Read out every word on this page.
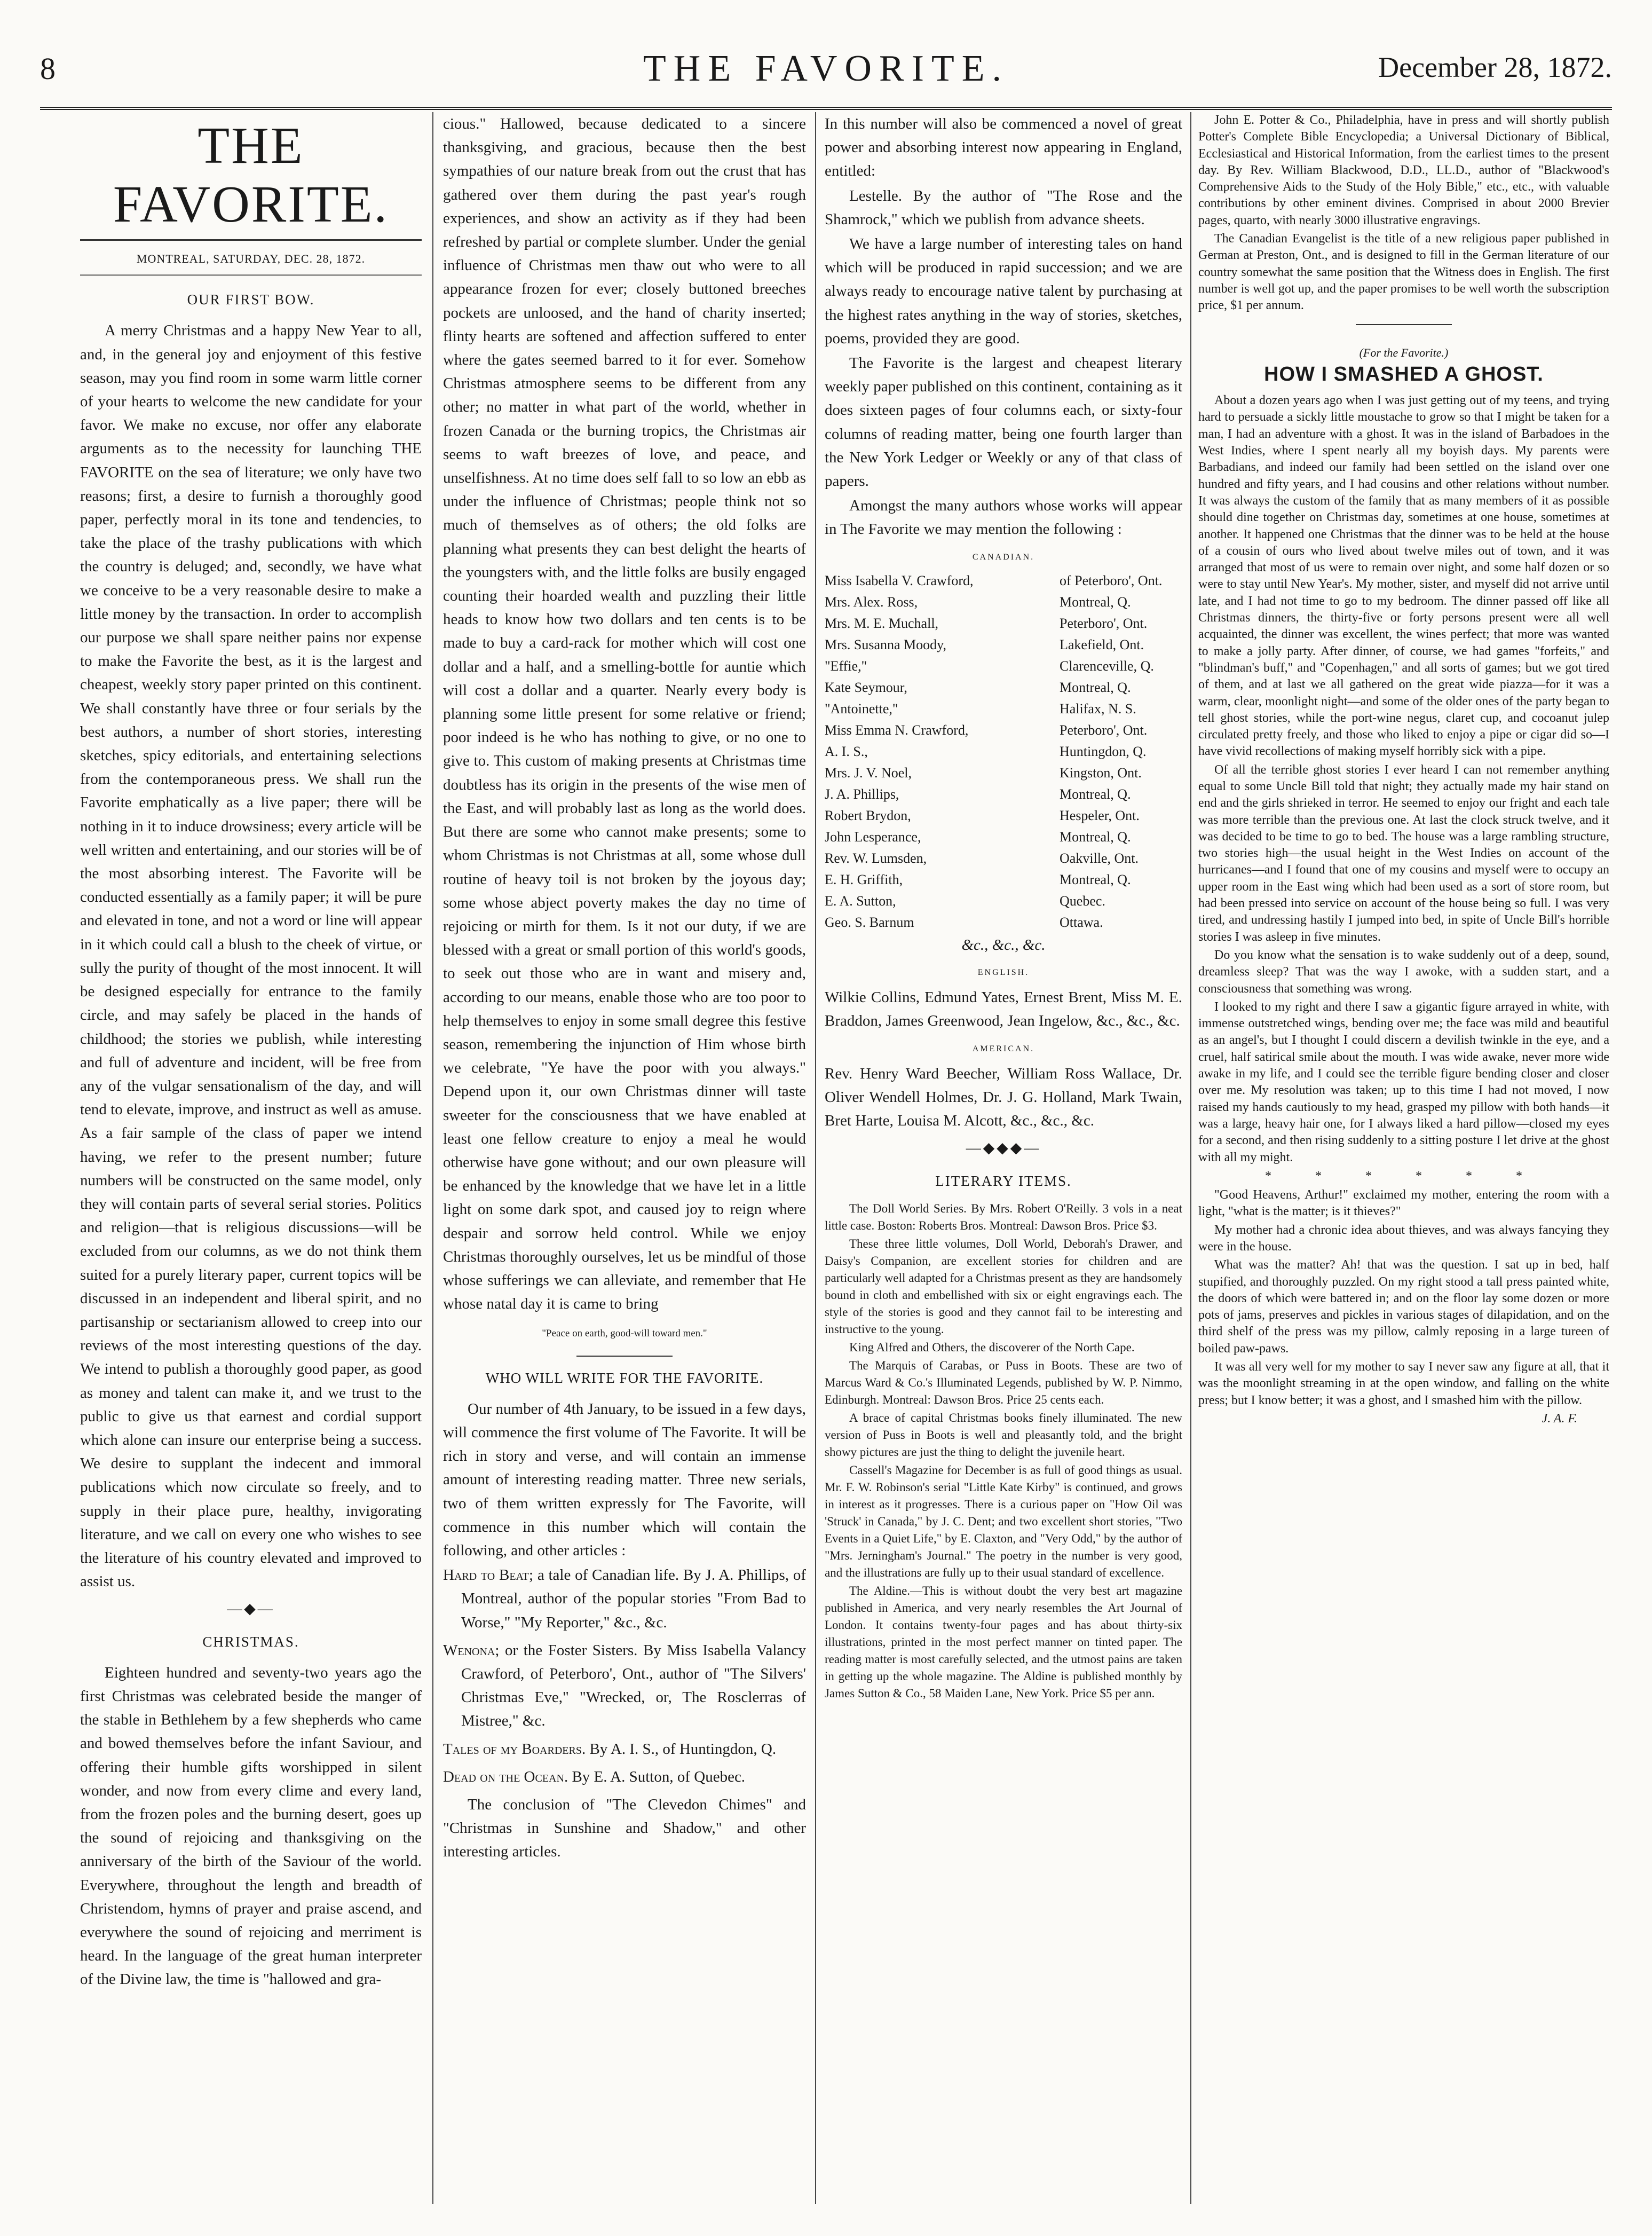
8	THE FAVORITE.	December 28, 1872.
THE FAVORITE.
MONTREAL, SATURDAY, DEC. 28, 1872.
OUR FIRST BOW.

A merry Christmas and a happy New Year to all, and, in the general joy and enjoyment of this festive season, may you find room in some warm little corner of your hearts to welcome the new candidate for your favor. We make no excuse, nor offer any elaborate arguments as to the necessity for launching THE FAVORITE on the sea of literature; we only have two reasons; first, a desire to furnish a thoroughly good paper, perfectly moral in its tone and tendencies, to take the place of the trashy publications with which the country is deluged; and, secondly, we have what we conceive to be a very reasonable desire to make a little money by the transaction. In order to accomplish our purpose we shall spare neither pains nor expense to make the Favorite the best, as it is the largest and cheapest, weekly story paper printed on this continent. We shall constantly have three or four serials by the best authors, a number of short stories, interesting sketches, spicy editorials, and entertaining selections from the contemporaneous press. We shall run the Favorite emphatically as a live paper; there will be nothing in it to induce drowsiness; every article will be well written and entertaining, and our stories will be of the most absorbing interest. The Favorite will be conducted essentially as a family paper; it will be pure and elevated in tone, and not a word or line will appear in it which could call a blush to the cheek of virtue, or sully the purity of thought of the most innocent. It will be designed especially for entrance to the family circle, and may safely be placed in the hands of childhood; the stories we publish, while interesting and full of adventure and incident, will be free from any of the vulgar sensationalism of the day, and will tend to elevate, improve, and instruct as well as amuse. As a fair sample of the class of paper we intend having, we refer to the present number; future numbers will be constructed on the same model, only they will contain parts of several serial stories. Politics and religion—that is religious discussions—will be excluded from our columns, as we do not think them suited for a purely literary paper, current topics will be discussed in an independent and liberal spirit, and no partisanship or sectarianism allowed to creep into our reviews of the most interesting questions of the day. We intend to publish a thoroughly good paper, as good as money and talent can make it, and we trust to the public to give us that earnest and cordial support which alone can insure our enterprise being a success. We desire to supplant the indecent and immoral publications which now circulate so freely, and to supply in their place pure, healthy, invigorating literature, and we call on every one who wishes to see the literature of his country elevated and improved to assist us.

—◆—
CHRISTMAS.

Eighteen hundred and seventy-two years ago the first Christmas was celebrated beside the manger of the stable in Bethlehem by a few shepherds who came and bowed themselves before the infant Saviour, and offering their humble gifts worshipped in silent wonder, and now from every clime and every land, from the frozen poles and the burning desert, goes up the sound of rejoicing and thanksgiving on the anniversary of the birth of the Saviour of the world. Everywhere, throughout the length and breadth of Christendom, hymns of prayer and praise ascend, and everywhere the sound of rejoicing and merriment is heard. In the language of the great human interpreter of the Divine law, the time is "hallowed and gra-

cious." Hallowed, because dedicated to a sincere thanksgiving, and gracious, because then the best sympathies of our nature break from out the crust that has gathered over them during the past year's rough experiences, and show an activity as if they had been refreshed by partial or complete slumber. Under the genial influence of Christmas men thaw out who were to all appearance frozen for ever; closely buttoned breeches pockets are unloosed, and the hand of charity inserted; flinty hearts are softened and affection suffered to enter where the gates seemed barred to it for ever. Somehow Christmas atmosphere seems to be different from any other; no matter in what part of the world, whether in frozen Canada or the burning tropics, the Christmas air seems to waft breezes of love, and peace, and unselfishness. At no time does self fall to so low an ebb as under the influence of Christmas; people think not so much of themselves as of others; the old folks are planning what presents they can best delight the hearts of the youngsters with, and the little folks are busily engaged counting their hoarded wealth and puzzling their little heads to know how two dollars and ten cents is to be made to buy a card-rack for mother which will cost one dollar and a half, and a smelling-bottle for auntie which will cost a dollar and a quarter. Nearly every body is planning some little present for some relative or friend; poor indeed is he who has nothing to give, or no one to give to. This custom of making presents at Christmas time doubtless has its origin in the presents of the wise men of the East, and will probably last as long as the world does. But there are some who cannot make presents; some to whom Christmas is not Christmas at all, some whose dull routine of heavy toil is not broken by the joyous day; some whose abject poverty makes the day no time of rejoicing or mirth for them. Is it not our duty, if we are blessed with a great or small portion of this world's goods, to seek out those who are in want and misery and, according to our means, enable those who are too poor to help themselves to enjoy in some small degree this festive season, remembering the injunction of Him whose birth we celebrate, "Ye have the poor with you always." Depend upon it, our own Christmas dinner will taste sweeter for the consciousness that we have enabled at least one fellow creature to enjoy a meal he would otherwise have gone without; and our own pleasure will be enhanced by the knowledge that we have let in a little light on some dark spot, and caused joy to reign where despair and sorrow held control. While we enjoy Christmas thoroughly ourselves, let us be mindful of those whose sufferings we can alleviate, and remember that He whose natal day it is came to bring

"Peace on earth, good-will toward men."
WHO WILL WRITE FOR THE FAVORITE.

Our number of 4th January, to be issued in a few days, will commence the first volume of The Favorite. It will be rich in story and verse, and will contain an immense amount of interesting reading matter. Three new serials, two of them written expressly for The Favorite, will commence in this number which will contain the following, and other articles :

Hard to Beat; a tale of Canadian life. By J. A. Phillips, of Montreal, author of the popular stories "From Bad to Worse," "My Reporter," &c., &c.
Wenona; or the Foster Sisters. By Miss Isabella Valancy Crawford, of Peterboro', Ont., author of "The Silvers' Christmas Eve," "Wrecked, or, The Rosclerras of Mistree," &c.
Tales of my Boarders. By A. I. S., of Huntingdon, Q.
Dead on the Ocean. By E. A. Sutton, of Quebec.

The conclusion of "The Clevedon Chimes" and "Christmas in Sunshine and Shadow," and other interesting articles.

In this number will also be commenced a novel of great power and absorbing interest now appearing in England, entitled:

Lestelle. By the author of "The Rose and the Shamrock," which we publish from advance sheets.

We have a large number of interesting tales on hand which will be produced in rapid succession; and we are always ready to encourage native talent by purchasing at the highest rates anything in the way of stories, sketches, poems, provided they are good.

The Favorite is the largest and cheapest literary weekly paper published on this continent, containing as it does sixteen pages of four columns each, or sixty-four columns of reading matter, being one fourth larger than the New York Ledger or Weekly or any of that class of papers.

Amongst the many authors whose works will appear in The Favorite we may mention the following :

CANADIAN.
Miss Isabella V. Crawford,	of Peterboro', Ont.
Mrs. Alex. Ross,	Montreal, Q.
Mrs. M. E. Muchall,	Peterboro', Ont.
Mrs. Susanna Moody,	Lakefield, Ont.
"Effie,"	Clarenceville, Q.
Kate Seymour,	Montreal, Q.
"Antoinette,"	Halifax, N. S.
Miss Emma N. Crawford,	Peterboro', Ont.
A. I. S.,	Huntingdon, Q.
Mrs. J. V. Noel,	Kingston, Ont.
J. A. Phillips,	Montreal, Q.
Robert Brydon,	Hespeler, Ont.
John Lesperance,	Montreal, Q.
Rev. W. Lumsden,	Oakville, Ont.
E. H. Griffith,	Montreal, Q.
E. A. Sutton,	Quebec.
Geo. S. Barnum	Ottawa.
&c., &c., &c.
ENGLISH.

Wilkie Collins, Edmund Yates, Ernest Brent, Miss M. E. Braddon, James Greenwood, Jean Ingelow, &c., &c., &c.

AMERICAN.

Rev. Henry Ward Beecher, William Ross Wallace, Dr. Oliver Wendell Holmes, Dr. J. G. Holland, Mark Twain, Bret Harte, Louisa M. Alcott, &c., &c., &c.

—◆◆◆—
LITERARY ITEMS.

The Doll World Series. By Mrs. Robert O'Reilly. 3 vols in a neat little case. Boston: Roberts Bros. Montreal: Dawson Bros. Price $3.

These three little volumes, Doll World, Deborah's Drawer, and Daisy's Companion, are excellent stories for children and are particularly well adapted for a Christmas present as they are handsomely bound in cloth and embellished with six or eight engravings each. The style of the stories is good and they cannot fail to be interesting and instructive to the young.

King Alfred and Others, the discoverer of the North Cape.

The Marquis of Carabas, or Puss in Boots. These are two of Marcus Ward & Co.'s Illuminated Legends, published by W. P. Nimmo, Edinburgh. Montreal: Dawson Bros. Price 25 cents each.

A brace of capital Christmas books finely illuminated. The new version of Puss in Boots is well and pleasantly told, and the bright showy pictures are just the thing to delight the juvenile heart.

Cassell's Magazine for December is as full of good things as usual. Mr. F. W. Robinson's serial "Little Kate Kirby" is continued, and grows in interest as it progresses. There is a curious paper on "How Oil was 'Struck' in Canada," by J. C. Dent; and two excellent short stories, "Two Events in a Quiet Life," by E. Claxton, and "Very Odd," by the author of "Mrs. Jerningham's Journal." The poetry in the number is very good, and the illustrations are fully up to their usual standard of excellence.

The Aldine.—This is without doubt the very best art magazine published in America, and very nearly resembles the Art Journal of London. It contains twenty-four pages and has about thirty-six illustrations, printed in the most perfect manner on tinted paper. The reading matter is most carefully selected, and the utmost pains are taken in getting up the whole magazine. The Aldine is published monthly by James Sutton & Co., 58 Maiden Lane, New York. Price $5 per ann.

John E. Potter & Co., Philadelphia, have in press and will shortly publish Potter's Complete Bible Encyclopedia; a Universal Dictionary of Biblical, Ecclesiastical and Historical Information, from the earliest times to the present day. By Rev. William Blackwood, D.D., LL.D., author of "Blackwood's Comprehensive Aids to the Study of the Holy Bible," etc., etc., with valuable contributions by other eminent divines. Comprised in about 2000 Brevier pages, quarto, with nearly 3000 illustrative engravings.

The Canadian Evangelist is the title of a new religious paper published in German at Preston, Ont., and is designed to fill in the German literature of our country somewhat the same position that the Witness does in English. The first number is well got up, and the paper promises to be well worth the subscription price, $1 per annum.

(For the Favorite.)
HOW I SMASHED A GHOST.

About a dozen years ago when I was just getting out of my teens, and trying hard to persuade a sickly little moustache to grow so that I might be taken for a man, I had an adventure with a ghost. It was in the island of Barbadoes in the West Indies, where I spent nearly all my boyish days. My parents were Barbadians, and indeed our family had been settled on the island over one hundred and fifty years, and I had cousins and other relations without number. It was always the custom of the family that as many members of it as possible should dine together on Christmas day, sometimes at one house, sometimes at another. It happened one Christmas that the dinner was to be held at the house of a cousin of ours who lived about twelve miles out of town, and it was arranged that most of us were to remain over night, and some half dozen or so were to stay until New Year's. My mother, sister, and myself did not arrive until late, and I had not time to go to my bedroom. The dinner passed off like all Christmas dinners, the thirty-five or forty persons present were all well acquainted, the dinner was excellent, the wines perfect; that more was wanted to make a jolly party. After dinner, of course, we had games "forfeits," and "blindman's buff," and "Copenhagen," and all sorts of games; but we got tired of them, and at last we all gathered on the great wide piazza—for it was a warm, clear, moonlight night—and some of the older ones of the party began to tell ghost stories, while the port-wine negus, claret cup, and cocoanut julep circulated pretty freely, and those who liked to enjoy a pipe or cigar did so—I have vivid recollections of making myself horribly sick with a pipe.

Of all the terrible ghost stories I ever heard I can not remember anything equal to some Uncle Bill told that night; they actually made my hair stand on end and the girls shrieked in terror. He seemed to enjoy our fright and each tale was more terrible than the previous one. At last the clock struck twelve, and it was decided to be time to go to bed. The house was a large rambling structure, two stories high—the usual height in the West Indies on account of the hurricanes—and I found that one of my cousins and myself were to occupy an upper room in the East wing which had been used as a sort of store room, but had been pressed into service on account of the house being so full. I was very tired, and undressing hastily I jumped into bed, in spite of Uncle Bill's horrible stories I was asleep in five minutes.

Do you know what the sensation is to wake suddenly out of a deep, sound, dreamless sleep? That was the way I awoke, with a sudden start, and a consciousness that something was wrong.

I looked to my right and there I saw a gigantic figure arrayed in white, with immense outstretched wings, bending over me; the face was mild and beautiful as an angel's, but I thought I could discern a devilish twinkle in the eye, and a cruel, half satirical smile about the mouth. I was wide awake, never more wide awake in my life, and I could see the terrible figure bending closer and closer over me. My resolution was taken; up to this time I had not moved, I now raised my hands cautiously to my head, grasped my pillow with both hands—it was a large, heavy hair one, for I always liked a hard pillow—closed my eyes for a second, and then rising suddenly to a sitting posture I let drive at the ghost with all my might.

* * * * * *

"Good Heavens, Arthur!" exclaimed my mother, entering the room with a light, "what is the matter; is it thieves?"

My mother had a chronic idea about thieves, and was always fancying they were in the house.

What was the matter? Ah! that was the question. I sat up in bed, half stupified, and thoroughly puzzled. On my right stood a tall press painted white, the doors of which were battered in; and on the floor lay some dozen or more pots of jams, preserves and pickles in various stages of dilapidation, and on the third shelf of the press was my pillow, calmly reposing in a large tureen of boiled paw-paws.

It was all very well for my mother to say I never saw any figure at all, that it was the moonlight streaming in at the open window, and falling on the white press; but I know better; it was a ghost, and I smashed him with the pillow.

J. A. F.
